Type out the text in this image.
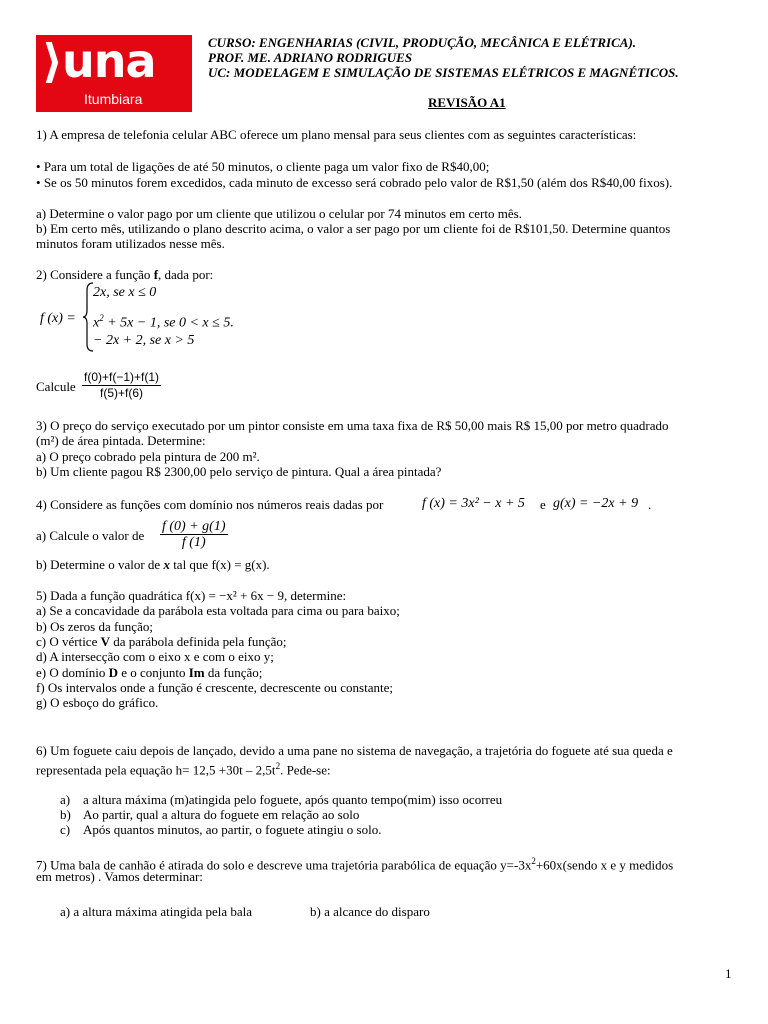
⟩una
Itumbiara
CURSO: ENGENHARIAS (CIVIL, PRODUÇÃO, MECÂNICA E ELÉTRICA).
PROF. ME. ADRIANO RODRIGUES
UC: MODELAGEM E SIMULAÇÃO DE SISTEMAS ELÉTRICOS E MAGNÉTICOS.
REVISÃO A1
1) A empresa de telefonia celular ABC oferece um plano mensal para seus clientes com as seguintes características:
• Para um total de ligações de até 50 minutos, o cliente paga um valor fixo de R$40,00;
• Se os 50 minutos forem excedidos, cada minuto de excesso será cobrado pelo valor de R$1,50 (além dos R$40,00 fixos).
a) Determine o valor pago por um cliente que utilizou o celular por 74 minutos em certo mês.
b) Em certo mês, utilizando o plano descrito acima, o valor a ser pago por um cliente foi de R$101,50. Determine quantos
minutos foram utilizados nesse mês.
2) Considere a função f, dada por:
f (x) =
2x, se x ≤ 0
$x^2 + 5x - 1$, se 0 < x ≤ 5.
− 2x + 2, se x > 5
Calcule $\frac{f(0)+f(-1)+f(1)}{f(5)+f(6)}$
3) O preço do serviço executado por um pintor consiste em uma taxa fixa de R$ 50,00 mais R$ 15,00 por metro quadrado
(m²) de área pintada. Determine:
a) O preço cobrado pela pintura de 200 m².
b) Um cliente pagou R$ 2300,00 pelo serviço de pintura. Qual a área pintada?
4) Considere as funções com domínio nos números reais dadas por	f (x) = 3x² − x + 5 e g(x) = −2x + 9 .
a) Calcule o valor de $\frac{f (0) + g(1)}{f (1)}$
b) Determine o valor de x tal que f(x) = g(x).
5) Dada a função quadrática f(x) = −x² + 6x − 9, determine:
a) Se a concavidade da parábola esta voltada para cima ou para baixo;
b) Os zeros da função;
c) O vértice V da parábola definida pela função;
d) A intersecção com o eixo x e com o eixo y;
e) O domínio D e o conjunto Im da função;
f) Os intervalos onde a função é crescente, decrescente ou constante;
g) O esboço do gráfico.
6) Um foguete caiu depois de lançado, devido a uma pane no sistema de navegação, a trajetória do foguete até sua queda e
representada pela equação $h= 12,5 +30t - 2,5t^2$. Pede-se:
a) a altura máxima (m)atingida pelo foguete, após quanto tempo(mim) isso ocorreu
b) Ao partir, qual a altura do foguete em relação ao solo
c) Após quantos minutos, ao partir, o foguete atingiu o solo.
7) Uma bala de canhão é atirada do solo e descreve uma trajetória parabólica de equação $y=-3x^2+60x(sendo$ x e y medidos
em metros) . Vamos determinar:
a) a altura máxima atingida pela bala	b) a alcance do disparo
1
